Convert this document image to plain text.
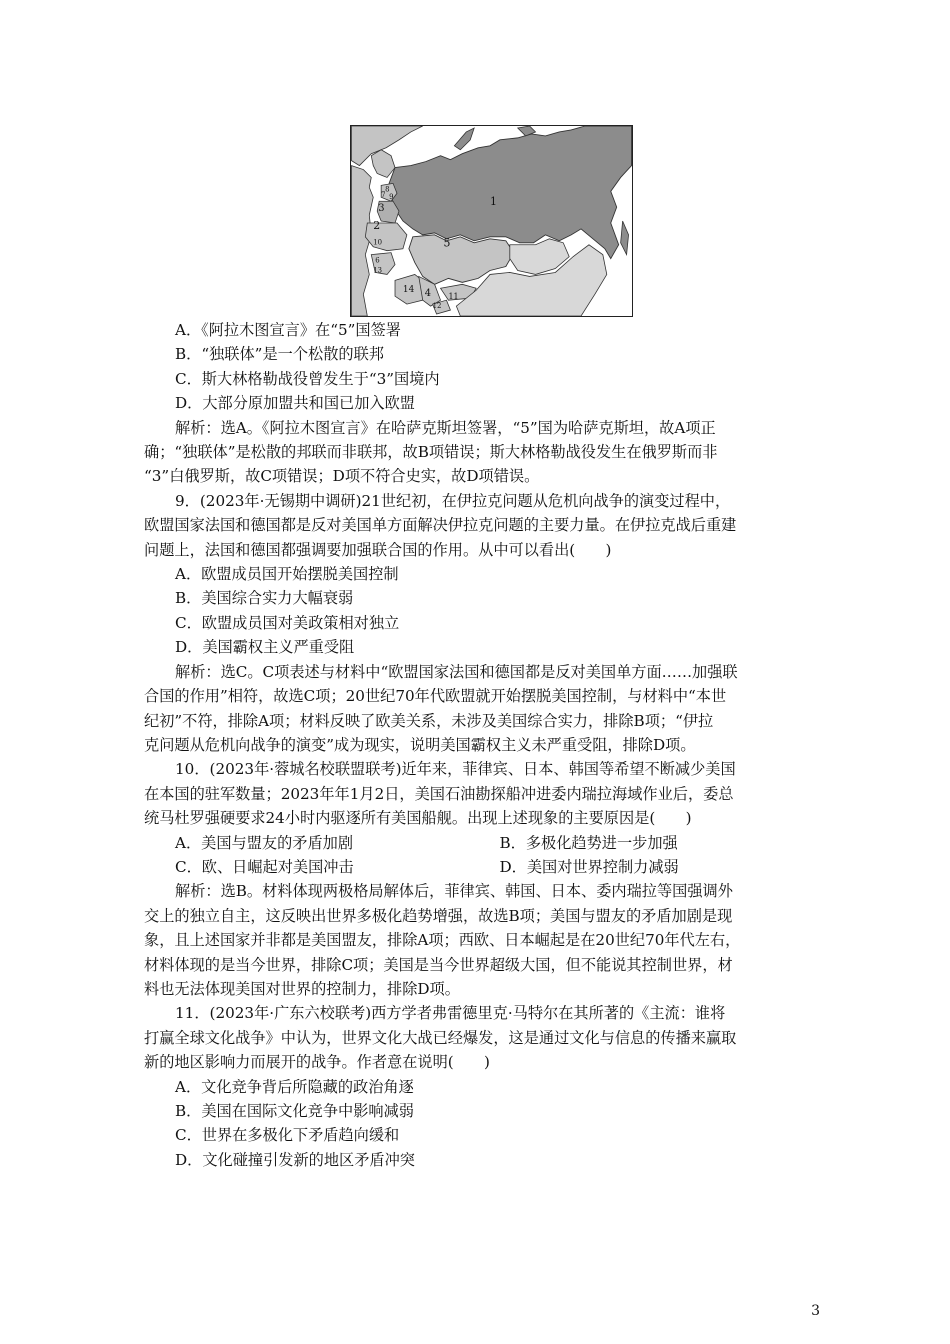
1
2
3
4
5
6
7
8
9
10
11
12
13
14

A．《阿拉木图宣言》在“5”国签署

B．“独联体”是一个松散的联邦

C．斯大林格勒战役曾发生于“3”国境内

D．大部分原加盟共和国已加入欧盟

解析：选A。《阿拉木图宣言》在哈萨克斯坦签署，“5”国为哈萨克斯坦，故A项正

确；“独联体”是松散的邦联而非联邦，故B项错误；斯大林格勒战役发生在俄罗斯而非

“3”白俄罗斯，故C项错误；D项不符合史实，故D项错误。

9．(2023年·无锡期中调研)21世纪初，在伊拉克问题从危机向战争的演变过程中，

欧盟国家法国和德国都是反对美国单方面解决伊拉克问题的主要力量。在伊拉克战后重建

问题上，法国和德国都强调要加强联合国的作用。从中可以看出(　　)

A．欧盟成员国开始摆脱美国控制

B．美国综合实力大幅衰弱

C．欧盟成员国对美政策相对独立

D．美国霸权主义严重受阻

解析：选C。C项表述与材料中“欧盟国家法国和德国都是反对美国单方面……加强联

合国的作用”相符，故选C项；20世纪70年代欧盟就开始摆脱美国控制，与材料中“本世

纪初”不符，排除A项；材料反映了欧美关系，未涉及美国综合实力，排除B项；“伊拉

克问题从危机向战争的演变”成为现实，说明美国霸权主义未严重受阻，排除D项。

10．(2023年·蓉城名校联盟联考)近年来，菲律宾、日本、韩国等希望不断减少美国

在本国的驻军数量；2023年年1月2日，美国石油勘探船冲进委内瑞拉海域作业后，委总

统马杜罗强硬要求24小时内驱逐所有美国船舰。出现上述现象的主要原因是(　　)

A．美国与盟友的矛盾加剧	B．多极化趋势进一步加强
C．欧、日崛起对美国冲击	D．美国对世界控制力减弱

解析：选B。材料体现两极格局解体后，菲律宾、韩国、日本、委内瑞拉等国强调外

交上的独立自主，这反映出世界多极化趋势增强，故选B项；美国与盟友的矛盾加剧是现

象，且上述国家并非都是美国盟友，排除A项；西欧、日本崛起是在20世纪70年代左右，

材料体现的是当今世界，排除C项；美国是当今世界超级大国，但不能说其控制世界，材

料也无法体现美国对世界的控制力，排除D项。

11．(2023年·广东六校联考)西方学者弗雷德里克·马特尔在其所著的《主流：谁将

打赢全球文化战争》中认为，世界文化大战已经爆发，这是通过文化与信息的传播来赢取

新的地区影响力而展开的战争。作者意在说明(　　)

A．文化竞争背后所隐藏的政治角逐

B．美国在国际文化竞争中影响减弱

C．世界在多极化下矛盾趋向缓和

D．文化碰撞引发新的地区矛盾冲突

3
